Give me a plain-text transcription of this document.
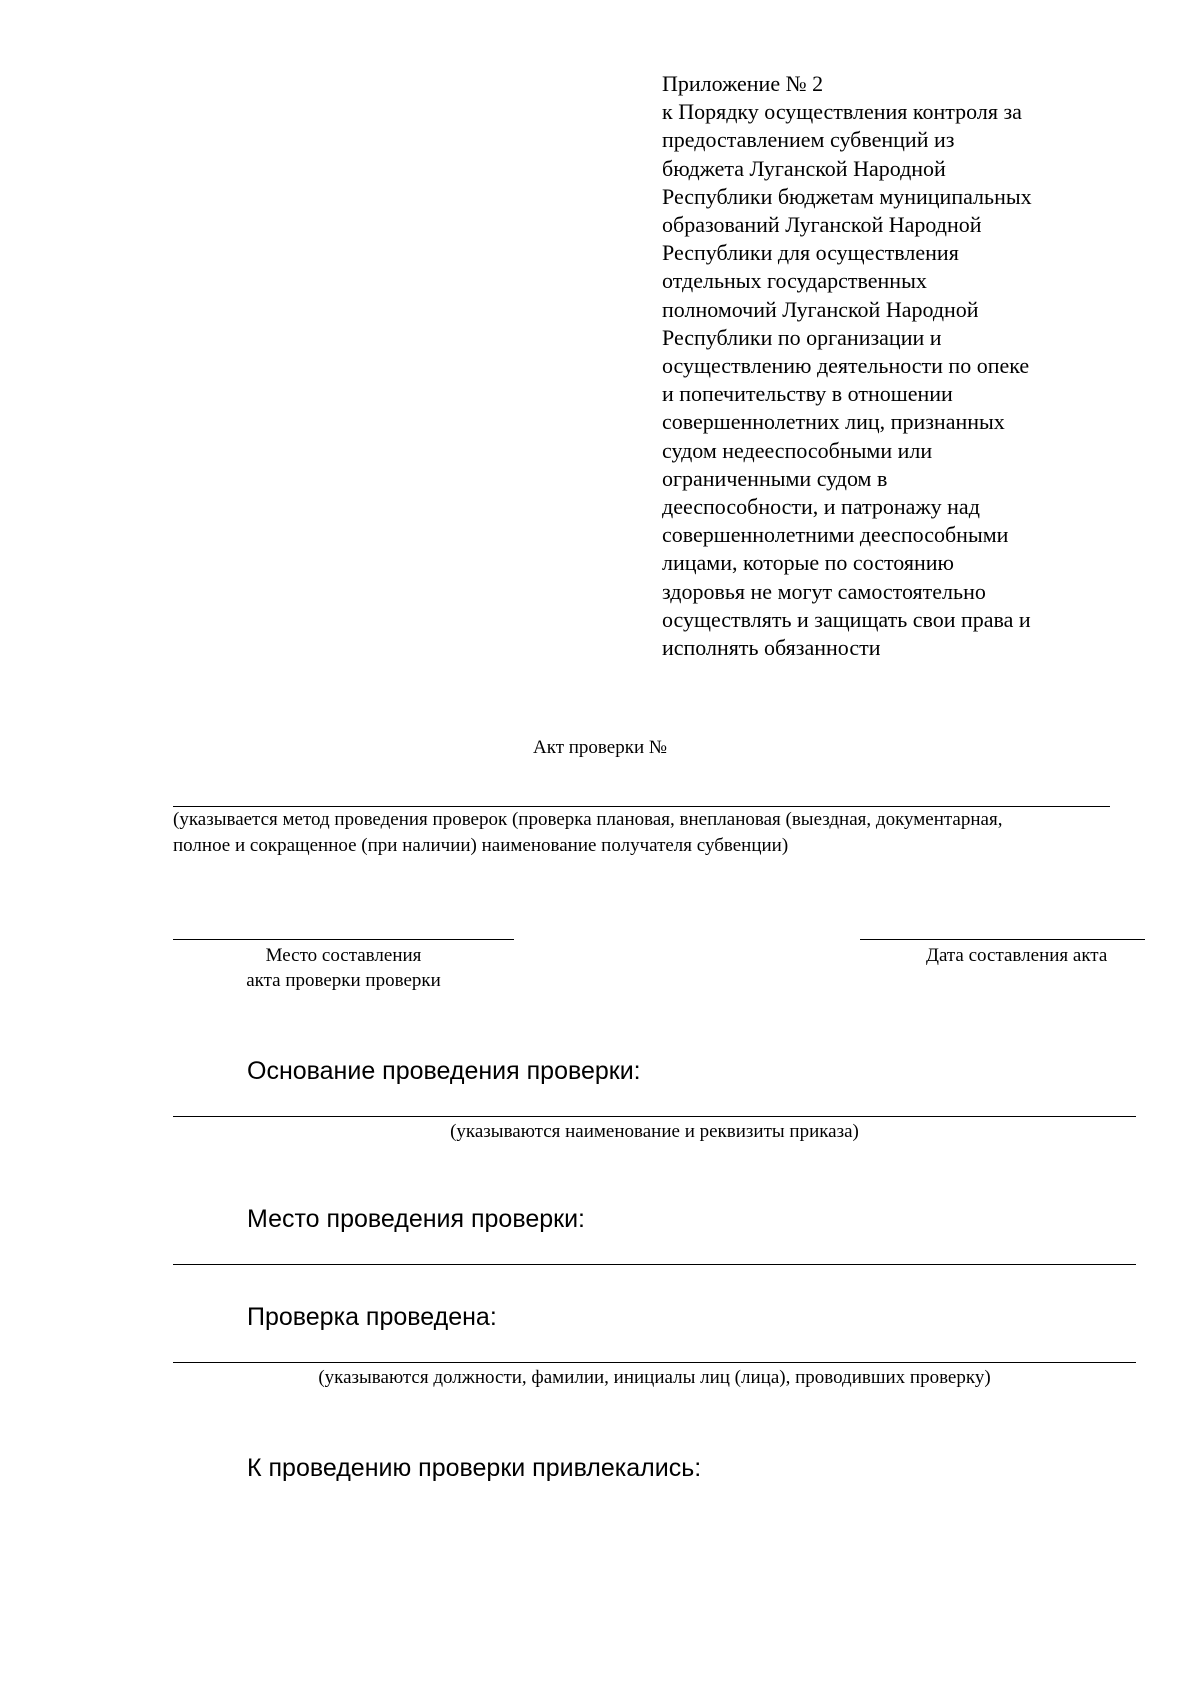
Приложение № 2
к Порядку осуществления контроля за
предоставлением субвенций из
бюджета Луганской Народной
Республики бюджетам муниципальных
образований Луганской Народной
Республики для осуществления
отдельных государственных
полномочий Луганской Народной
Республики по организации и
осуществлению деятельности по опеке
и попечительству в отношении
совершеннолетних лиц, признанных
судом недееспособными или
ограниченными судом в
дееспособности, и патронажу над
совершеннолетними дееспособными
лицами, которые по состоянию
здоровья не могут самостоятельно
осуществлять и защищать свои права и
исполнять обязанности
Акт проверки №
(указывается метод проведения проверок (проверка плановая, внеплановая (выездная, документарная,
полное и сокращенное (при наличии) наименование получателя субвенции)
Место составления
акта проверки проверки
Дата составления акта
Основание проведения проверки:
(указываются наименование и реквизиты приказа)
Место проведения проверки:
Проверка проведена:
(указываются должности, фамилии, инициалы лиц (лица), проводивших проверку)
К проведению проверки привлекались:
